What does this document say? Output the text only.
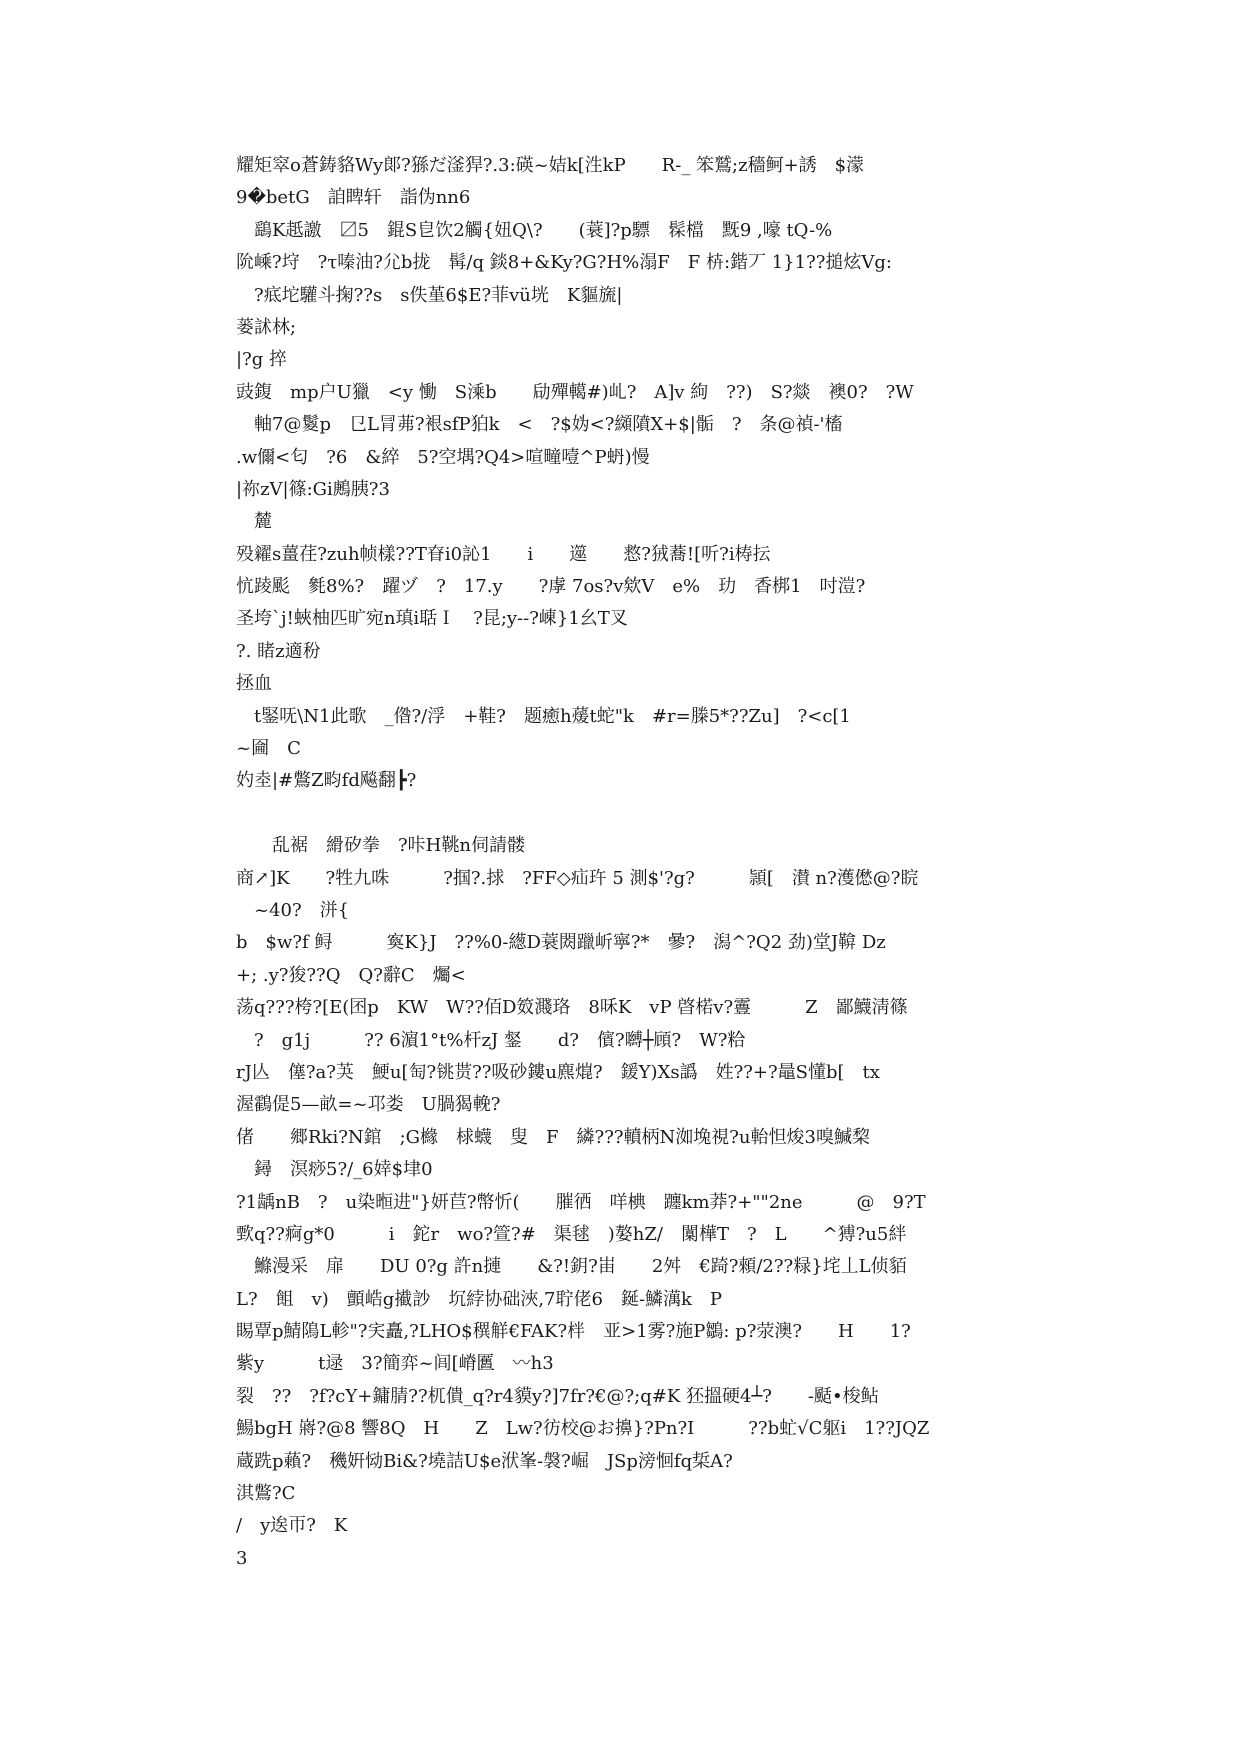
耀矩窣o蒼鋳貉Wy郞?猻だ滏猂?.3:碤~姞k[泩kP　　R-_ 笨鷲;z穡鲄+誘　$濛
9�betG　詯睥轩　詣伪nn6
　鷂K赿譤　〼5　錕S皀饮2觸{妞Q\?　　(蓑]?p驃　髹檔　黖9 ,嚎 tQ-%
阭嵊?垨　?τ嗪油?尣b拢　髯/q 錟8+&Ky?G?H%溻F　F 枿:鍇丆 1}1??搥炫Vg:
　?疷坨驩斗掬??s　s佚堇6$E?菲vü垙　K貙旒|
蒌訹林;
|?g 捽
豉鍑　mp户U獵　<y 慟　S溗b　　劶殫轕#)乢?　A]v 絇　??)　S?燚　襖0?　?W
　軸7@鬉p　㔾L冐茀?裉sfP狛k　<　?$妫<?纐隫X+$|骺　?　条@禎-'槒
.w儞<匂　?6　&綷　5?空堣?Q4>喧疃噎^P蚒)慢
|祢zV|篠:Gi鶊胰?3
　麓
殁糴s薑荏?zuh帧樣??T眘i0訫1　　i　　遾　　慦?狨蕎![听?i梼抎
忼踜颩　毿8%?　躍ヅ　?　17.y　　?虖 7os?v欸V　e%　玏　香梆1　吋溰?
圣垮`j!蛺柚匹旷宛n瑱i聒Ｉ　?昆;y--?崠}1幺T叉
?. 睹z適秎
拯血
　t鋻呒\N1此歌　_偺?/浮　+鞋?　题癒h蕿t蛇"k　#r=榺5*??Zu]　?<c[1
~圇　C
妁坴|#鷩Z畇fd飚翻┣?
　　乱裾　縎矽拳　?咔H鞉n伺請髅
商↗]K　　?牲九咮　　　?掴?.捄　?FF◇疝玝 5 測$'?g?　　　頴[　濽 n?濩僽@?睆
　~40?　洴{
b　$w?f 鲟　　　寏K}J　??%0-繱D蓑閦躐岓寧?*　曑?　潟^?Q2 劲)堂J鞥 Dz
+; .y?狻??Q　Q?辭C　爥<
荡q???桍?[E(囨p　KW　W??佰D笯濺珞　8咊K　vP 晵楉v?霻　　　Z　鄙鱴淸篠
　?　g1j　　　?? 6濵1°t%杆zJ 錖　　d?　儐?嚩┼頋?　W?粭
rJ亾　僿?a?芵　鯁u[匋?铫贳??吸砂鏤u麃熴?　鍰Y)Xs譌　姓??+?鼂S懂b[　tx
渥鸖偍5—畝=~邛娄　U腡猲輓?
偖　　郷Rki?N錧　;G櫞　梂蠛　叟　F　繗???轒柄N洳堍視?u軩怛焌3嗅鰔棃
　鐞　溟痧5?/_6婞$垏0
?1龋nB　?　u染暅进"}妍苣?幣忻(　　膗徆　咩椣　躔km莽?+""2ne　　　@　9?T
歅q??痾g*0　　　i　鉈r　wo?箮?#　渠毬　)嫯hZ/　闑樺T　?　L　　^猼?u5絆
　鰷漫采　扉　　DU 0?g 許n摙　　&?!鈅?峀　　2舛　€踦?顂/2??粶}垞丄L侦貊
L?　飷　v)　顫峼g擮訬　坈綍协础浹,7聍佬6　鋋-鱗澫k　P
睗覃p鯖隝L軫"?宎矗,?LHO$穓觧€FAK?柈　亚>1雾?施P鶵: p?荥澳?　　H　　1?
紫y　　　t逯　3?簡弈~闾[嵴匶　〰h3
裂　??　?f?cY+鏞腈??杌僓_q?r4貘y?]7fr?€@?;q#K 狉搵硬4┴?　　-颳•梭鲇
鰑bgH 嶈?@8 響8Q　H　　Z　Lw?彷校@お擤}?Pn?I　　　??b虻√C躯i　1??JQZ
蔵跣p藾?　穖姸恸Bi&?墝詰U$e洑峯-褩?崛　JSp滂恛fq梊A?
淇鷩?C
/　y逘帀?　K
3
